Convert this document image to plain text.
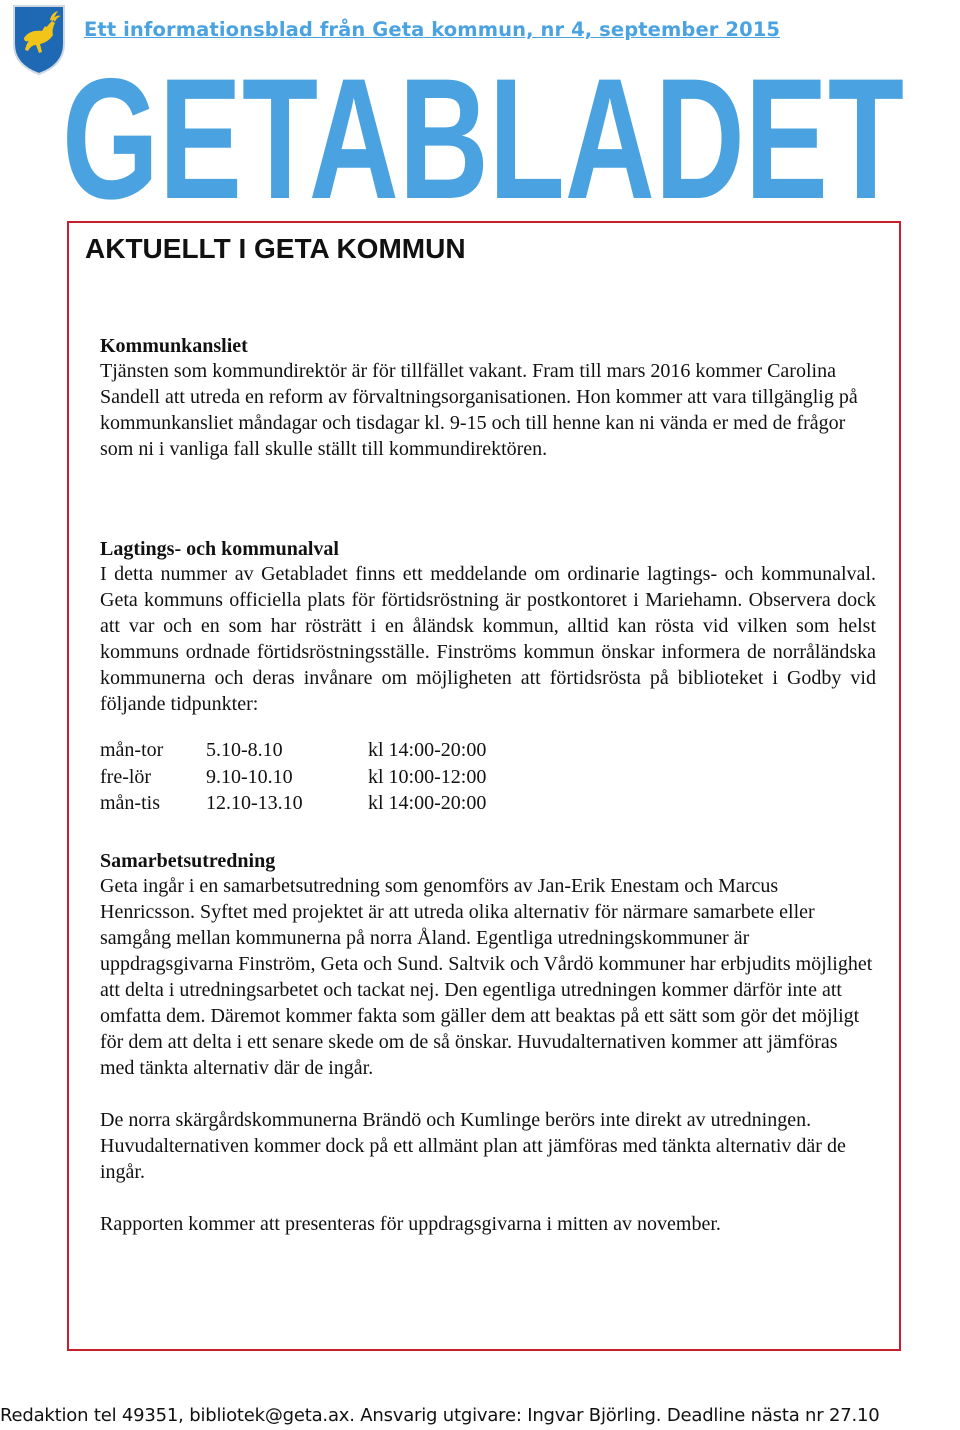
Ett informationsblad från Geta kommun, nr 4, september 2015
GETABLADET
AKTUELLT I GETA KOMMUN
Kommunkansliet

Tjänsten som kommundirektör är för tillfället vakant. Fram till mars 2016 kommer Carolina Sandell att utreda en reform av förvaltningsorganisationen. Hon kommer att vara tillgänglig på kommunkansliet måndagar och tisdagar kl. 9-15 och till henne kan ni vända er med de frågor som ni i vanliga fall skulle ställt till kommundirektören.

Lagtings- och kommunalval

I detta nummer av Getabladet finns ett meddelande om ordinarie lagtings- och kommunalval. Geta kommuns officiella plats för förtidsröstning är postkontoret i Mariehamn. Observera dock att var och en som har rösträtt i en åländsk kommun, alltid kan rösta vid vilken som helst kommuns ordnade förtidsröstningsställe. Finströms kommun önskar informera de norråländska kommunerna och deras invånare om möjligheten att förtidsrösta på biblioteket i Godby vid följande tidpunkter:

mån-tor	5.10-8.10	kl 14:00-20:00
fre-lör	9.10-10.10	kl 10:00-12:00
mån-tis	12.10-13.10	kl 14:00-20:00
Samarbetsutredning

Geta ingår i en samarbetsutredning som genomförs av Jan-Erik Enestam och Marcus Henricsson. Syftet med projektet är att utreda olika alternativ för närmare samarbete eller samgång mellan kommunerna på norra Åland. Egentliga utredningskommuner är uppdragsgivarna Finström, Geta och Sund. Saltvik och Vårdö kommuner har erbjudits möjlighet att delta i utredningsarbetet och tackat nej. Den egentliga utredningen kommer därför inte att omfatta dem. Däremot kommer fakta som gäller dem att beaktas på ett sätt som gör det möjligt för dem att delta i ett senare skede om de så önskar. Huvudalternativen kommer att jämföras med tänkta alternativ där de ingår.

De norra skärgårdskommunerna Brändö och Kumlinge berörs inte direkt av utredningen. Huvudalternativen kommer dock på ett allmänt plan att jämföras med tänkta alternativ där de ingår.

Rapporten kommer att presenteras för uppdragsgivarna i mitten av november.

Redaktion tel 49351, bibliotek@geta.ax. Ansvarig utgivare: Ingvar Björling. Deadline nästa nr 27.10
